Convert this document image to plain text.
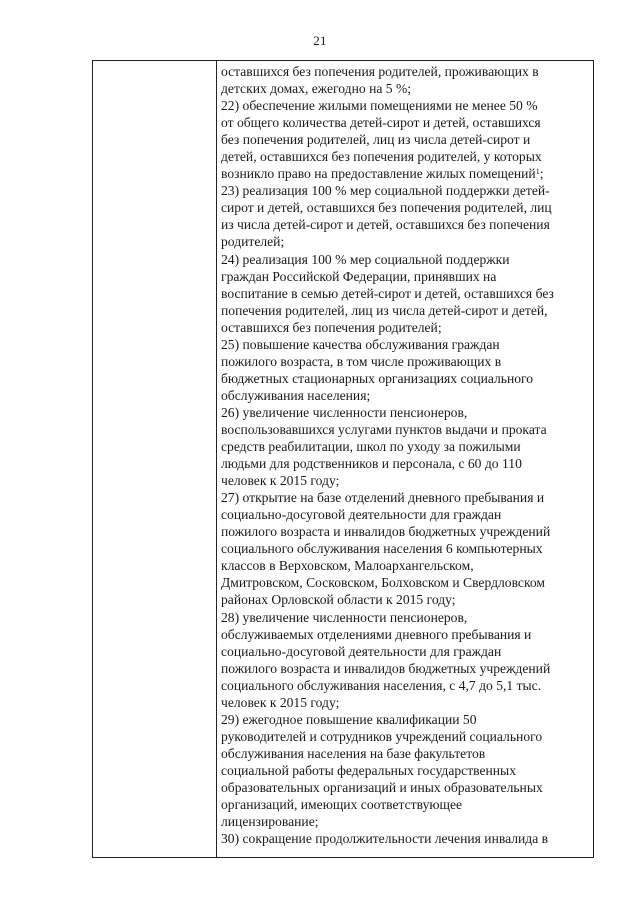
21
оставшихся без попечения родителей, проживающих в
детских домах, ежегодно на 5 %;
22) обеспечение жилыми помещениями не менее 50 %
от общего количества детей-сирот и детей, оставшихся
без попечения родителей, лиц из числа детей-сирот и
детей, оставшихся без попечения родителей, у которых
возникло право на предоставление жилых помещений$^1$;
23) реализация 100 % мер социальной поддержки детей-
сирот и детей, оставшихся без попечения родителей, лиц
из числа детей-сирот и детей, оставшихся без попечения
родителей;
24) реализация 100 % мер социальной поддержки
граждан Российской Федерации, принявших на
воспитание в семью детей-сирот и детей, оставшихся без
попечения родителей, лиц из числа детей-сирот и детей,
оставшихся без попечения родителей;
25) повышение качества обслуживания граждан
пожилого возраста, в том числе проживающих в
бюджетных стационарных организациях социального
обслуживания населения;
26) увеличение численности пенсионеров,
воспользовавшихся услугами пунктов выдачи и проката
средств реабилитации, школ по уходу за пожилыми
людьми для родственников и персонала, с 60 до 110
человек к 2015 году;
27) открытие на базе отделений дневного пребывания и
социально-досуговой деятельности для граждан
пожилого возраста и инвалидов бюджетных учреждений
социального обслуживания населения 6 компьютерных
классов в Верховском, Малоархангельском,
Дмитровском, Сосковском, Болховском и Свердловском
районах Орловской области к 2015 году;
28) увеличение численности пенсионеров,
обслуживаемых отделениями дневного пребывания и
социально-досуговой деятельности для граждан
пожилого возраста и инвалидов бюджетных учреждений
социального обслуживания населения, с 4,7 до 5,1 тыс.
человек к 2015 году;
29) ежегодное повышение квалификации 50
руководителей и сотрудников учреждений социального
обслуживания населения на базе факультетов
социальной работы федеральных государственных
образовательных организаций и иных образовательных
организаций, имеющих соответствующее
лицензирование;
30) сокращение продолжительности лечения инвалида в
